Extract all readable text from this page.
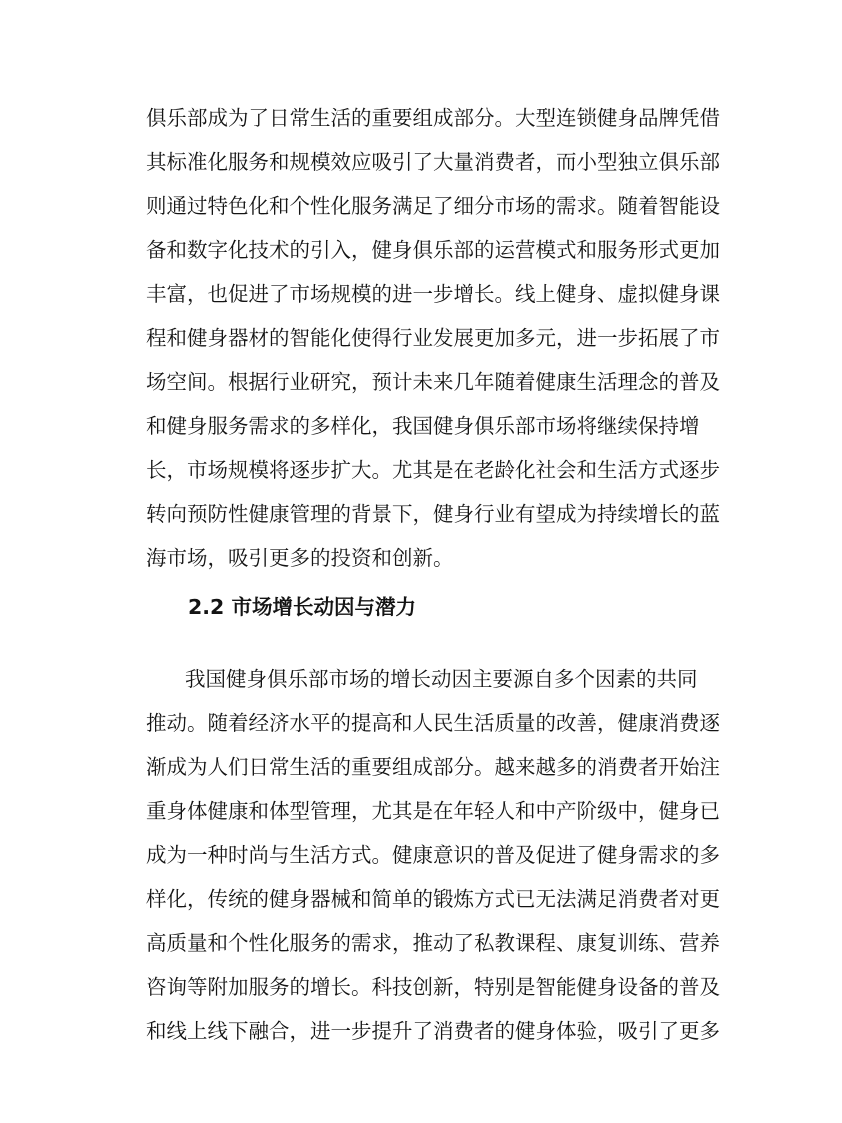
俱乐部成为了日常生活的重要组成部分。大型连锁健身品牌凭借
其标准化服务和规模效应吸引了大量消费者，而小型独立俱乐部
则通过特色化和个性化服务满足了细分市场的需求。随着智能设
备和数字化技术的引入，健身俱乐部的运营模式和服务形式更加
丰富，也促进了市场规模的进一步增长。线上健身、虚拟健身课
程和健身器材的智能化使得行业发展更加多元，进一步拓展了市
场空间。根据行业研究，预计未来几年随着健康生活理念的普及
和健身服务需求的多样化，我国健身俱乐部市场将继续保持增
长，市场规模将逐步扩大。尤其是在老龄化社会和生活方式逐步
转向预防性健康管理的背景下，健身行业有望成为持续增长的蓝
海市场，吸引更多的投资和创新。
2.2 市场增长动因与潜力
我国健身俱乐部市场的增长动因主要源自多个因素的共同
推动。随着经济水平的提高和人民生活质量的改善，健康消费逐
渐成为人们日常生活的重要组成部分。越来越多的消费者开始注
重身体健康和体型管理，尤其是在年轻人和中产阶级中，健身已
成为一种时尚与生活方式。健康意识的普及促进了健身需求的多
样化，传统的健身器械和简单的锻炼方式已无法满足消费者对更
高质量和个性化服务的需求，推动了私教课程、康复训练、营养
咨询等附加服务的增长。科技创新，特别是智能健身设备的普及
和线上线下融合，进一步提升了消费者的健身体验，吸引了更多
